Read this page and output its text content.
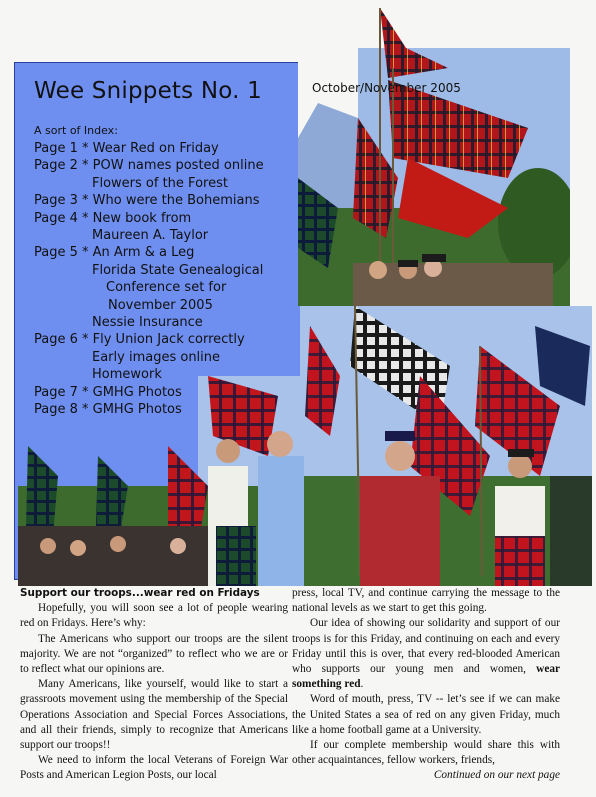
Wee Snippets No. 1	October/November 2005
A sort of Index:
Page 1 * Wear Red on Friday
Page 2 * POW names posted online
Flowers of the Forest
Page 3 * Who were the Bohemians
Page 4 * New book from
Maureen A. Taylor
Page 5 * An Arm & a Leg
Florida State Genealogical
Conference set for
November 2005
Nessie Insurance
Page 6 * Fly Union Jack correctly
Early images online
Homework
Page 7 * GMHG Photos
Page 8 * GMHG Photos

Support our troops...wear red on Fridays

Hopefully, you will soon see a lot of people wearing red on Fridays. Here’s why:

The Americans who support our troops are the silent majority. We are not “organized” to reflect who we are or to reflect what our opinions are.

Many Americans, like yourself, would like to start a grassroots movement using the membership of the Special Operations Association and Special Forces Associations, and all their friends, simply to recognize that Americans support our troops!!

We need to inform the local Veterans of Foreign War Posts and American Legion Posts, our local

press, local TV, and continue carrying the message to the national levels as we start to get this going.

Our idea of showing our solidarity and support of our troops is for this Friday, and continuing on each and every Friday until this is over, that every red-blooded American who supports our young men and women, wear something red.

Word of mouth, press, TV -- let’s see if we can make the United States a sea of red on any given Friday, much like a home football game at a University.

If our complete membership would share this with other acquaintances, fellow workers, friends,

Continued on our next page
